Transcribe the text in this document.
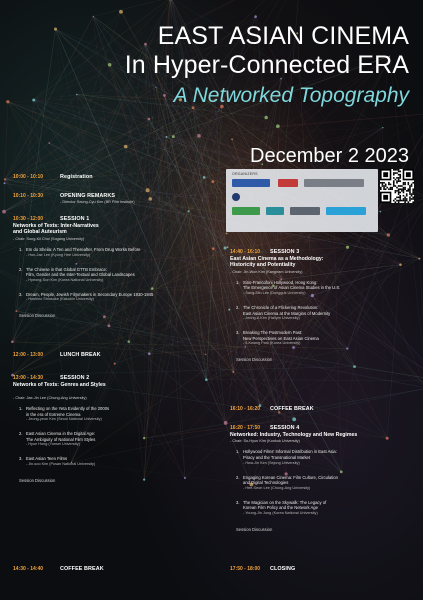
EAST ASIAN CINEMA
In Hyper-Connected ERA
A Networked Topography
December 2 2023
ORGANIZERS
10:00 - 10:10	Registration
10:10 - 10:30	OPENING REMARKS
- Director Seung-Cyu Kim (BR Film Institute)
10:30 - 12:00	SESSION 1
Networks of Texts: Inter-Narratives
and Global Auteurism
- Chair: Sung-Kil Choi (Sogang University)
1. Em do Sheila: A Ten and Thereafter, From Drug Works Before
- Hun-Jae Lee (Kyung Hee University)
2. The Chinese in that Global GTTB Embrace:
Film, Gender and the Inter-Textual and Global Landscapes
- Hyeong-Sun Kim (Korea National University)
3. Dream, People, Jewish Filmmakers in Secondary Europe 1930-1945
- Hoshino Shinsuke (Kakuhin University)
Session Discussion
12:00 - 13:00	LUNCH BREAK
13:00 - 14:30	SESSION 2
Networks of Texts: Genres and Styles
- Chair: Jae-Jin Lee (Chung-Ang University)
1. Reflecting on the Yeta Evidently of the 2000s
in the era of Extreme Cinema
- Jeong-yeon Kim (Seoul National University)
2. East Asian Cinema in the Digital Age:
The Ambiguity of National Film Styles
- Hyun Hong (Yonsei University)
3. East Asian Teen Films
- Jin-soo Kim (Pusan National University)
Session Discussion
14:30 - 14:40	COFFEE BREAK
14:40 - 16:10 SESSION 3
East Asian Cinema as a Methodology:
Historicity and Potentiality
- Chair: Jin-Won Kim (Kangnam University)
1. Sino-Francofoni Hollywood, Hong Kong:
The Emergence of Asian Cinema Studies in the U.S.
- Sang-Min Lee (Dongguk University)
2. The Chronicle of a Flickering Revolution:
East Asian Cinema at the Margins of Modernity
- Jeong-A Kim (Hallym University)
3. Breaking The Postmodern Past:
New Perspectives on East Asian Cinema
- Il-Kwang Park (Korea University)
Session Discussion
16:10 - 16:20 COFFEE BREAK
16:20 - 17:50 SESSION 4
Networked: Industry, Technology and New Regimes
- Chair: So-Hyun Kim (Konkuk University)
1. Hollywood Films' Informal Distribution in East Asia:
Piracy and the Transnational Market
- Hwa-Jin Kim (Sejong University)
2. Engaging Korean Cinema: Film Culture, Circulation
and Digital Technologies
- Hee-Seon Lee (Chung-Ang University)
3. The Magician on the Skywalk: The Legacy of
Korean Film Policy and the Network Age
- Young-Jin Jung (Korea National University)
Session Discussion
17:50 - 18:00 CLOSING
